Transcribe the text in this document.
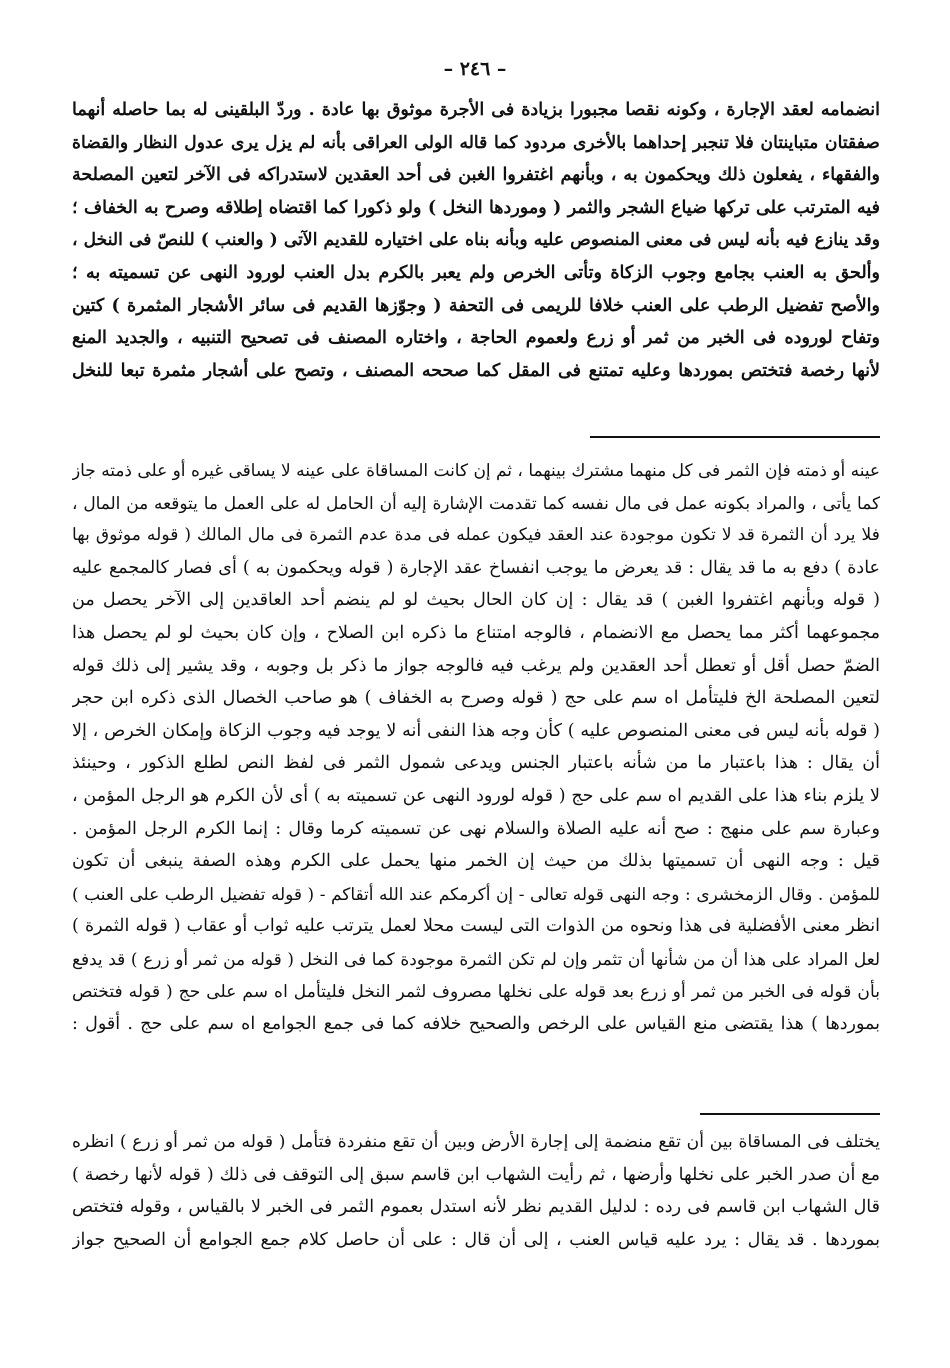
– ٢٤٦ –
انضمامه لعقد الإجارة ، وكونه نقصا مجبورا بزيادة فى الأجرة موثوق بها عادة . وردّ البلقينى له بما حاصله أنهما
صفقتان متباينتان فلا تنجبر إحداهما بالأخرى مردود كما قاله الولى العراقى بأنه لم يزل يرى عدول النظار والقضاة
والفقهاء ، يفعلون ذلك ويحكمون به ، وبأنهم اغتفروا الغبن فى أحد العقدين لاستدراكه فى الآخر لتعين المصلحة
فيه المترتب على تركها ضياع الشجر والثمر ( وموردها النخل ) ولو ذكورا كما اقتضاه إطلاقه وصرح به الخفاف ؛
وقد ينازع فيه بأنه ليس فى معنى المنصوص عليه وبأنه بناه على اختياره للقديم الآتى ( والعنب ) للنصّ فى النخل ،
وألحق به العنب بجامع وجوب الزكاة وتأتى الخرص ولم يعبر بالكرم بدل العنب لورود النهى عن تسميته به ؛
والأصح تفضيل الرطب على العنب خلافا للريمى فى التحفة ( وجوّزها القديم فى سائر الأشجار المثمرة ) كتين
وتفاح لوروده فى الخبر من ثمر أو زرع ولعموم الحاجة ، واختاره المصنف فى تصحيح التنبيه ، والجديد المنع
لأنها رخصة فتختص بموردها وعليه تمتنع فى المقل كما صححه المصنف ، وتصح على أشجار مثمرة تبعا للنخل
عينه أو ذمته فإن الثمر فى كل منهما مشترك بينهما ، ثم إن كانت المساقاة على عينه لا يساقى غيره أو على ذمته جاز
كما يأتى ، والمراد بكونه عمل فى مال نفسه كما تقدمت الإشارة إليه أن الحامل له على العمل ما يتوقعه من المال ،
فلا يرد أن الثمرة قد لا تكون موجودة عند العقد فيكون عمله فى مدة عدم الثمرة فى مال المالك ( قوله موثوق بها
عادة ) دفع به ما قد يقال : قد يعرض ما يوجب انفساخ عقد الإجارة ( قوله ويحكمون به ) أى فصار كالمجمع عليه
( قوله وبأنهم اغتفروا الغبن ) قد يقال : إن كان الحال بحيث لو لم ينضم أحد العاقدين إلى الآخر يحصل من
مجموعهما أكثر مما يحصل مع الانضمام ، فالوجه امتناع ما ذكره ابن الصلاح ، وإن كان بحيث لو لم يحصل هذا
الضمّ حصل أقل أو تعطل أحد العقدين ولم يرغب فيه فالوجه جواز ما ذكر بل وجوبه ، وقد يشير إلى ذلك قوله
لتعين المصلحة الخ فليتأمل اه سم على حج ( قوله وصرح به الخفاف ) هو صاحب الخصال الذى ذكره ابن حجر
( قوله بأنه ليس فى معنى المنصوص عليه ) كأن وجه هذا النفى أنه لا يوجد فيه وجوب الزكاة وإمكان الخرص ، إلا
أن يقال : هذا باعتبار ما من شأنه باعتبار الجنس ويدعى شمول الثمر فى لفظ النص لطلع الذكور ، وحينئذ
لا يلزم بناء هذا على القديم اه سم على حج ( قوله لورود النهى عن تسميته به ) أى لأن الكرم هو الرجل المؤمن ،
وعبارة سم على منهج : صح أنه عليه الصلاة والسلام نهى عن تسميته كرما وقال : إنما الكرم الرجل المؤمن .
قيل : وجه النهى أن تسميتها بذلك من حيث إن الخمر منها يحمل على الكرم وهذه الصفة ينبغى أن تكون
للمؤمن . وقال الزمخشرى : وجه النهى قوله تعالى - إن أكرمكم عند الله أتقاكم - ( قوله تفضيل الرطب على العنب )
انظر معنى الأفضلية فى هذا ونحوه من الذوات التى ليست محلا لعمل يترتب عليه ثواب أو عقاب ( قوله الثمرة )
لعل المراد على هذا أن من شأنها أن تثمر وإن لم تكن الثمرة موجودة كما فى النخل ( قوله من ثمر أو زرع ) قد يدفع
بأن قوله فى الخبر من ثمر أو زرع بعد قوله على نخلها مصروف لثمر النخل فليتأمل اه سم على حج ( قوله فتختص
بموردها ) هذا يقتضى منع القياس على الرخص والصحيح خلافه كما فى جمع الجوامع اه سم على حج . أقول :
يختلف فى المساقاة بين أن تقع منضمة إلى إجارة الأرض وبين أن تقع منفردة فتأمل ( قوله من ثمر أو زرع ) انظره
مع أن صدر الخبر على نخلها وأرضها ، ثم رأيت الشهاب ابن قاسم سبق إلى التوقف فى ذلك ( قوله لأنها رخصة )
قال الشهاب ابن قاسم فى رده : لدليل القديم نظر لأنه استدل بعموم الثمر فى الخبر لا بالقياس ، وقوله فتختص
بموردها . قد يقال : يرد عليه قياس العنب ، إلى أن قال : على أن حاصل كلام جمع الجوامع أن الصحيح جواز
